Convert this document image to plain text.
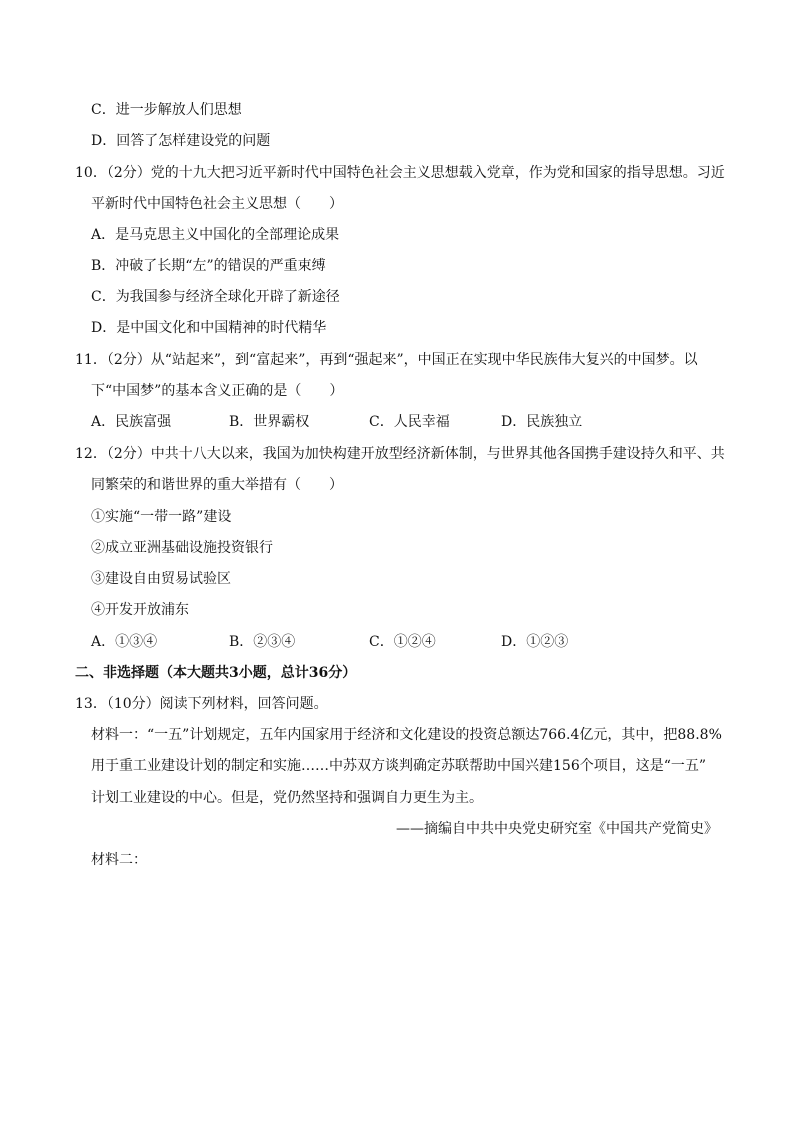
C．进一步解放人们思想
D．回答了怎样建设党的问题
10．（2分）党的十九大把习近平新时代中国特色社会主义思想载入党章，作为党和国家的指导思想。习近
平新时代中国特色社会主义思想（　　）
A．是马克思主义中国化的全部理论成果
B．冲破了长期“左”的错误的严重束缚
C．为我国参与经济全球化开辟了新途径
D．是中国文化和中国精神的时代精华
11．（2分）从“站起来”，到“富起来”，再到“强起来”，中国正在实现中华民族伟大复兴的中国梦。以
下“中国梦”的基本含义正确的是（　　）
A．民族富强	B．世界霸权	C．人民幸福	D．民族独立
12．（2分）中共十八大以来，我国为加快构建开放型经济新体制，与世界其他各国携手建设持久和平、共
同繁荣的和谐世界的重大举措有（　　）
①实施“一带一路”建设
②成立亚洲基础设施投资银行
③建设自由贸易试验区
④开发开放浦东
A．①③④	B．②③④	C．①②④	D．①②③
二、非选择题（本大题共3小题，总计36分）
13．（10分）阅读下列材料，回答问题。
材料一：“一五”计划规定，五年内国家用于经济和文化建设的投资总额达766.4亿元，其中，把88.8%
用于重工业建设计划的制定和实施……中苏双方谈判确定苏联帮助中国兴建156个项目，这是“一五”
计划工业建设的中心。但是，党仍然坚持和强调自力更生为主。
——摘编自中共中央党史研究室《中国共产党简史》
材料二：
